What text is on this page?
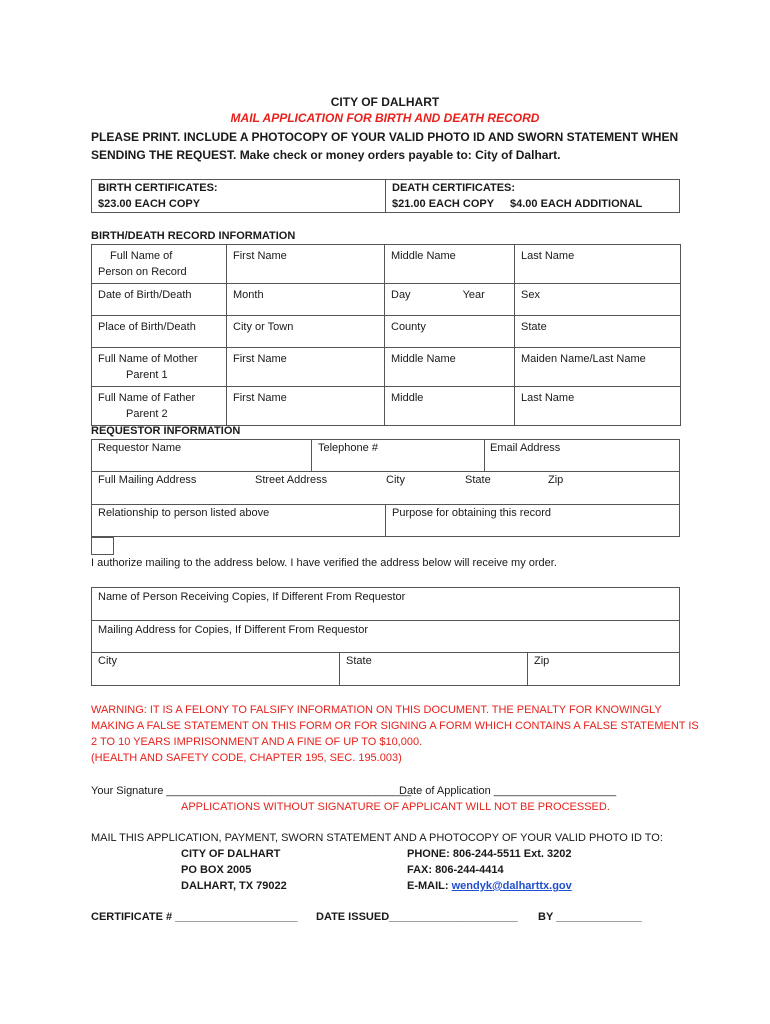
CITY OF DALHART
MAIL APPLICATION FOR BIRTH AND DEATH RECORD
PLEASE PRINT. INCLUDE A PHOTOCOPY OF YOUR VALID PHOTO ID AND SWORN STATEMENT WHEN
SENDING THE REQUEST. Make check or money orders payable to: City of Dalhart.
BIRTH CERTIFICATES:
$23.00 EACH COPY
DEATH CERTIFICATES:
$21.00 EACH COPY $4.00 EACH ADDITIONAL
BIRTH/DEATH RECORD INFORMATION
Full Name of
Person on Record	First Name	Middle Name	Last Name
Date of Birth/Death	Month	Day Year	Sex
Place of Birth/Death	City or Town	County	State

Full Name of Mother
Parent 1	First Name	Middle Name	Maiden Name/Last Name

Full Name of Father
Parent 2	First Name	Middle	Last Name
REQUESTOR INFORMATION
Requestor Name	Telephone #	Email Address
Full Mailing Address	Street Address	City	State	Zip
Relationship to person listed above	Purpose for obtaining this record
I authorize mailing to the address below. I have verified the address below will receive my order.
Name of Person Receiving Copies, If Different From Requestor
Mailing Address for Copies, If Different From Requestor
City	State	Zip
WARNING: IT IS A FELONY TO FALSIFY INFORMATION ON THIS DOCUMENT. THE PENALTY FOR KNOWINGLY
MAKING A FALSE STATEMENT ON THIS FORM OR FOR SIGNING A FORM WHICH CONTAINS A FALSE STATEMENT IS
2 TO 10 YEARS IMPRISONMENT AND A FINE OF UP TO $10,000.
(HEALTH AND SAFETY CODE, CHAPTER 195, SEC. 195.003)
Your Signature ________________________________________
Date of Application ____________________
APPLICATIONS WITHOUT SIGNATURE OF APPLICANT WILL NOT BE PROCESSED.
MAIL THIS APPLICATION, PAYMENT, SWORN STATEMENT AND A PHOTOCOPY OF YOUR VALID PHOTO ID TO:
CITY OF DALHART
PO BOX 2005
DALHART, TX 79022
PHONE: 806-244-5511 Ext. 3202
FAX: 806-244-4414
E-MAIL: wendyk@dalharttx.gov
CERTIFICATE # ____________________ DATE ISSUED_____________________ BY ______________
